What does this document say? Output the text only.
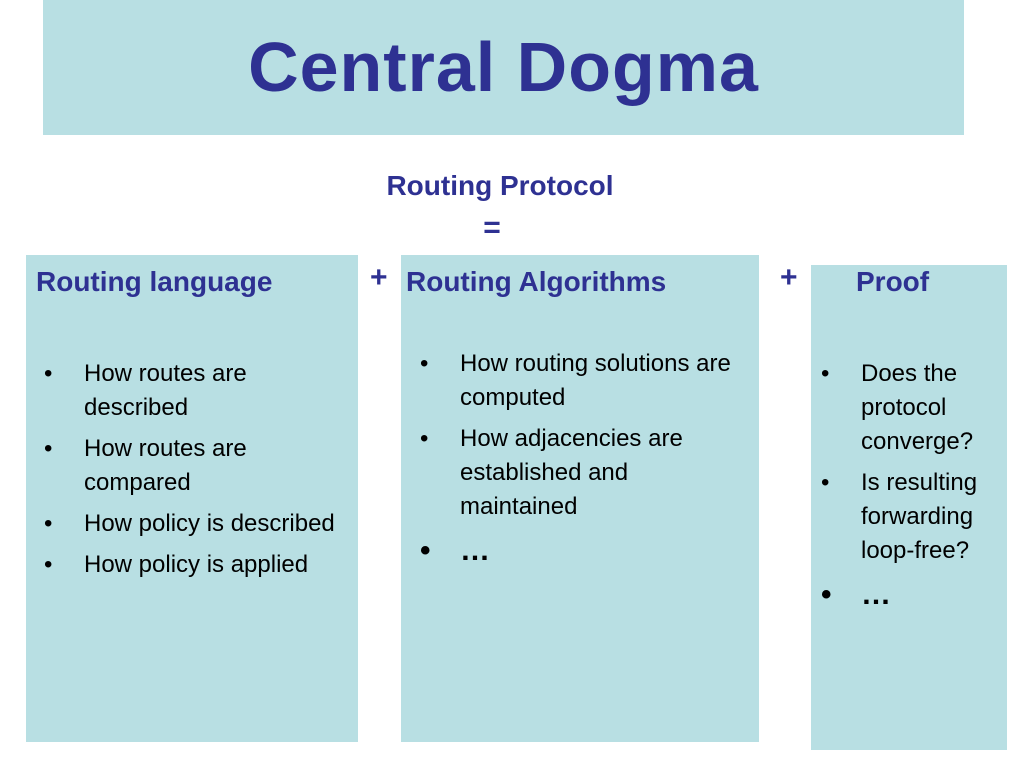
Central Dogma
Routing Protocol
=
Routing language	+ Routing Algorithms	+ Proof
•	How routes are described
•	How routes are compared
•	How policy is described
•	How policy is applied
•	How routing solutions are computed
•	How adjacencies are established and maintained
• …
•	Does the protocol converge?
•	Is resulting forwarding loop-free?
• …
